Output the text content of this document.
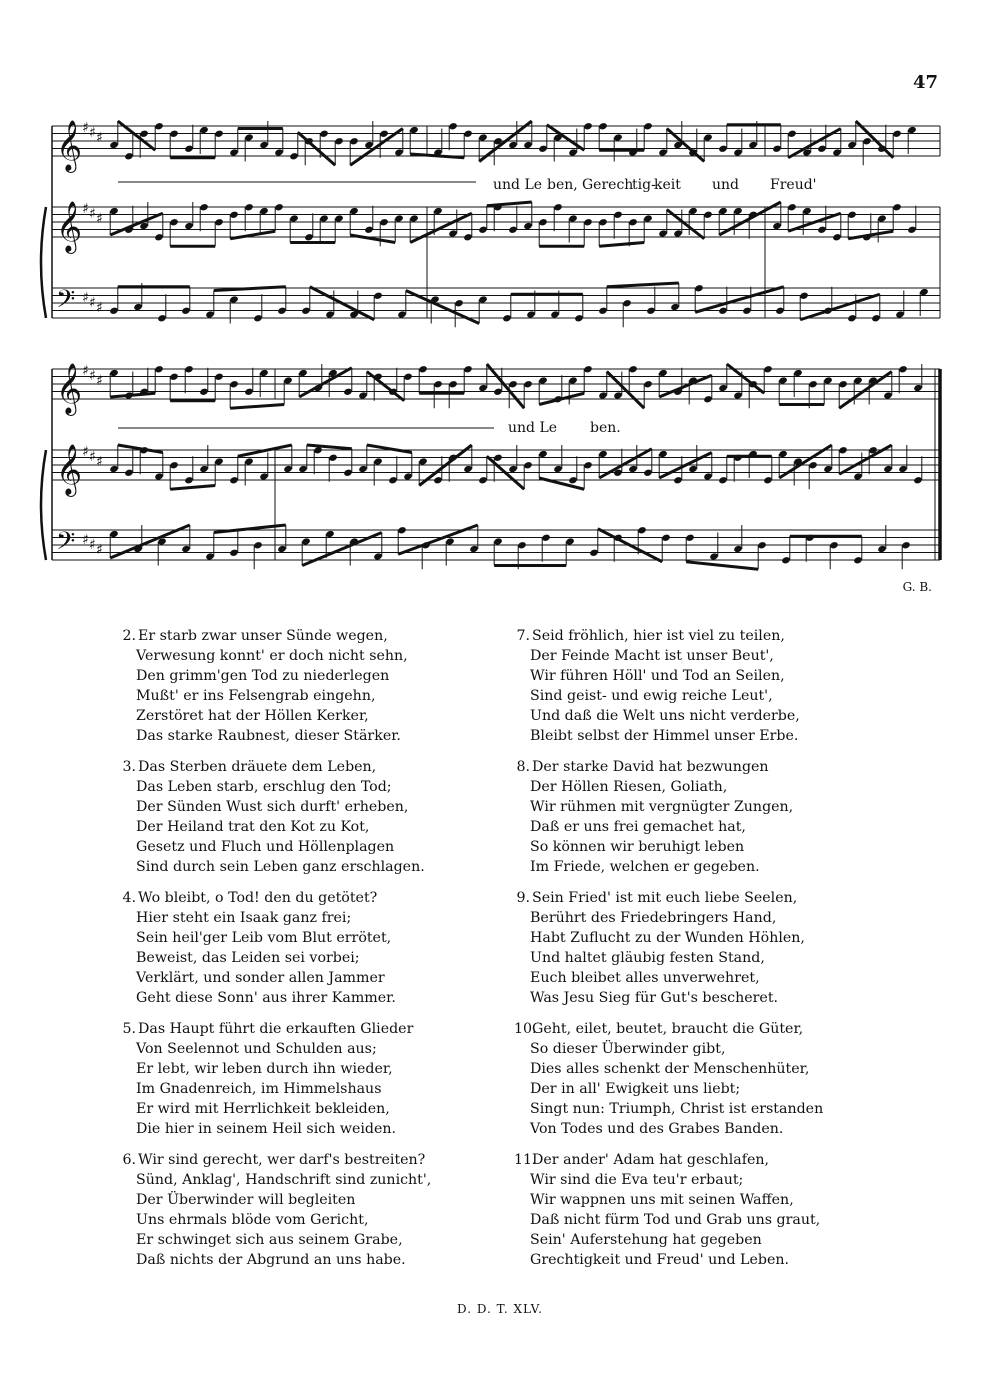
47
𝄞 ♯ ♯ ♯
𝄞 ♯ ♯ ♯
𝄢 ♯ ♯ ♯
𝄞 ♯ ♯ ♯
𝄞 ♯ ♯ ♯
𝄢 ♯ ♯ ♯
und Le ben, Gerech
tig-
keit und Freud'
und Le ben.
G. B.
2. Er starb zwar unser Sünde wegen,
Verwesung konnt' er doch nicht sehn,
Den grimm'gen Tod zu niederlegen
Mußt' er ins Felsengrab eingehn,
Zerstöret hat der Höllen Kerker,
Das starke Raubnest, dieser Stärker.
3. Das Sterben dräuete dem Leben,
Das Leben starb, erschlug den Tod;
Der Sünden Wust sich durft' erheben,
Der Heiland trat den Kot zu Kot,
Gesetz und Fluch und Höllenplagen
Sind durch sein Leben ganz erschlagen.
4. Wo bleibt, o Tod! den du getötet?
Hier steht ein Isaak ganz frei;
Sein heil'ger Leib vom Blut errötet,
Beweist, das Leiden sei vorbei;
Verklärt, und sonder allen Jammer
Geht diese Sonn' aus ihrer Kammer.
5. Das Haupt führt die erkauften Glieder
Von Seelennot und Schulden aus;
Er lebt, wir leben durch ihn wieder,
Im Gnadenreich, im Himmelshaus
Er wird mit Herrlichkeit bekleiden,
Die hier in seinem Heil sich weiden.
6. Wir sind gerecht, wer darf's bestreiten?
Sünd, Anklag', Handschrift sind zunicht',
Der Überwinder will begleiten
Uns ehrmals blöde vom Gericht,
Er schwinget sich aus seinem Grabe,
Daß nichts der Abgrund an uns habe.
7. Seid fröhlich, hier ist viel zu teilen,
Der Feinde Macht ist unser Beut',
Wir führen Höll' und Tod an Seilen,
Sind geist- und ewig reiche Leut',
Und daß die Welt uns nicht verderbe,
Bleibt selbst der Himmel unser Erbe.
8. Der starke David hat bezwungen
Der Höllen Riesen, Goliath,
Wir rühmen mit vergnügter Zungen,
Daß er uns frei gemachet hat,
So können wir beruhigt leben
Im Friede, welchen er gegeben.
9. Sein Fried' ist mit euch liebe Seelen,
Berührt des Friedebringers Hand,
Habt Zuflucht zu der Wunden Höhlen,
Und haltet gläubig festen Stand,
Euch bleibet alles unverwehret,
Was Jesu Sieg für Gut's bescheret.
10.Geht, eilet, beutet, braucht die Güter,
So dieser Überwinder gibt,
Dies alles schenkt der Menschenhüter,
Der in all' Ewigkeit uns liebt;
Singt nun: Triumph, Christ ist erstanden
Von Todes und des Grabes Banden.
11.Der ander' Adam hat geschlafen,
Wir sind die Eva teu'r erbaut;
Wir wappnen uns mit seinen Waffen,
Daß nicht fürm Tod und Grab uns graut,
Sein' Auferstehung hat gegeben
Grechtigkeit und Freud' und Leben.
D. D. T. XLV.
